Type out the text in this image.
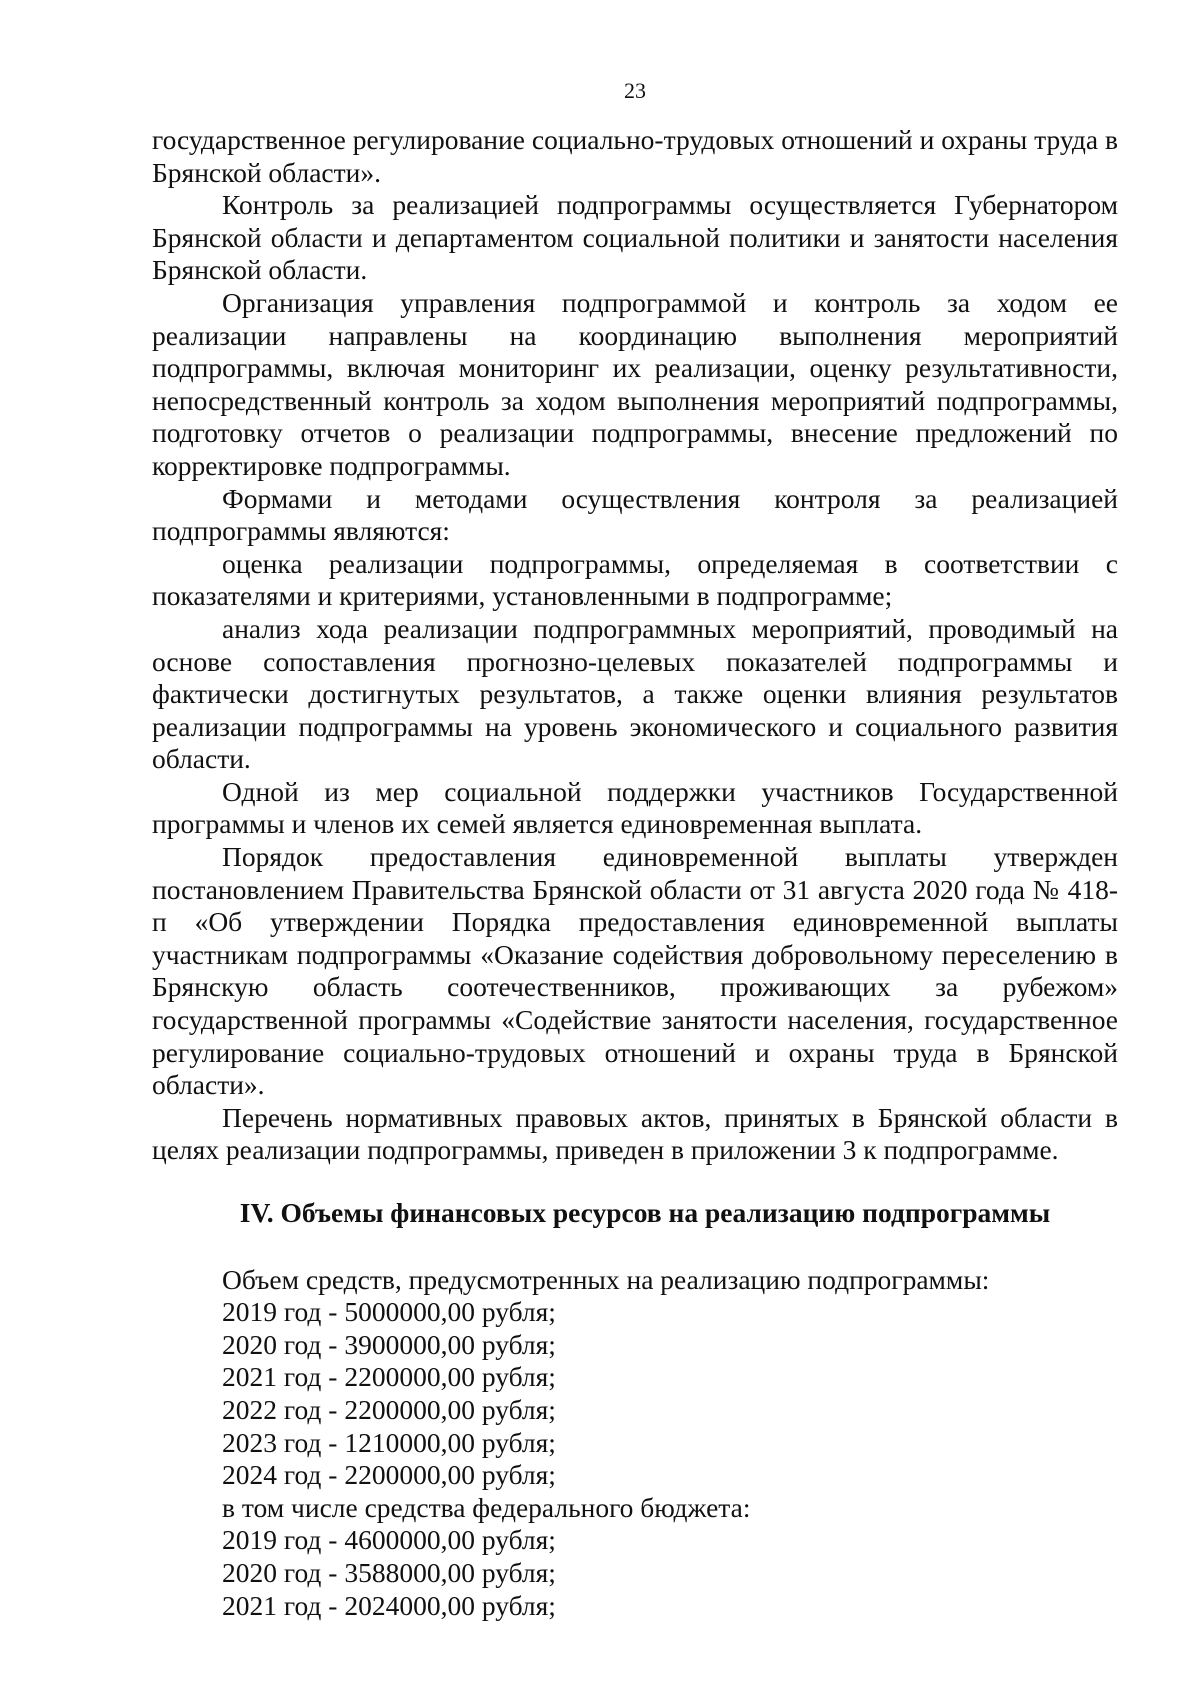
23

государственное регулирование социально-трудовых отношений и охраны труда в Брянской области».

Контроль за реализацией подпрограммы осуществляется Губернатором Брянской области и департаментом социальной политики и занятости населения Брянской области.

Организация управления подпрограммой и контроль за ходом ее реализации направлены на координацию выполнения мероприятий подпрограммы, включая мониторинг их реализации, оценку результативности, непосредственный контроль за ходом выполнения мероприятий подпрограммы, подготовку отчетов о реализации подпрограммы, внесение предложений по корректировке подпрограммы.

Формами и методами осуществления контроля за реализацией подпрограммы являются:

оценка реализации подпрограммы, определяемая в соответствии с показателями и критериями, установленными в подпрограмме;

анализ хода реализации подпрограммных мероприятий, проводимый на основе сопоставления прогнозно-целевых показателей подпрограммы и фактически достигнутых результатов, а также оценки влияния результатов реализации подпрограммы на уровень экономического и социального развития области.

Одной из мер социальной поддержки участников Государственной программы и членов их семей является единовременная выплата.

Порядок предоставления единовременной выплаты утвержден постановлением Правительства Брянской области от 31 августа 2020 года № 418-п «Об утверждении Порядка предоставления единовременной выплаты участникам подпрограммы «Оказание содействия добровольному переселению в Брянскую область соотечественников, проживающих за рубежом» государственной программы «Содействие занятости населения, государственное регулирование социально-трудовых отношений и охраны труда в Брянской области».

Перечень нормативных правовых актов, принятых в Брянской области в целях реализации подпрограммы, приведен в приложении 3 к подпрограмме.

IV. Объемы финансовых ресурсов на реализацию подпрограммы
Объем средств, предусмотренных на реализацию подпрограммы:
2019 год - 5000000,00 рубля;
2020 год - 3900000,00 рубля;
2021 год - 2200000,00 рубля;
2022 год - 2200000,00 рубля;
2023 год - 1210000,00 рубля;
2024 год - 2200000,00 рубля;
в том числе средства федерального бюджета:
2019 год - 4600000,00 рубля;
2020 год - 3588000,00 рубля;
2021 год - 2024000,00 рубля;
